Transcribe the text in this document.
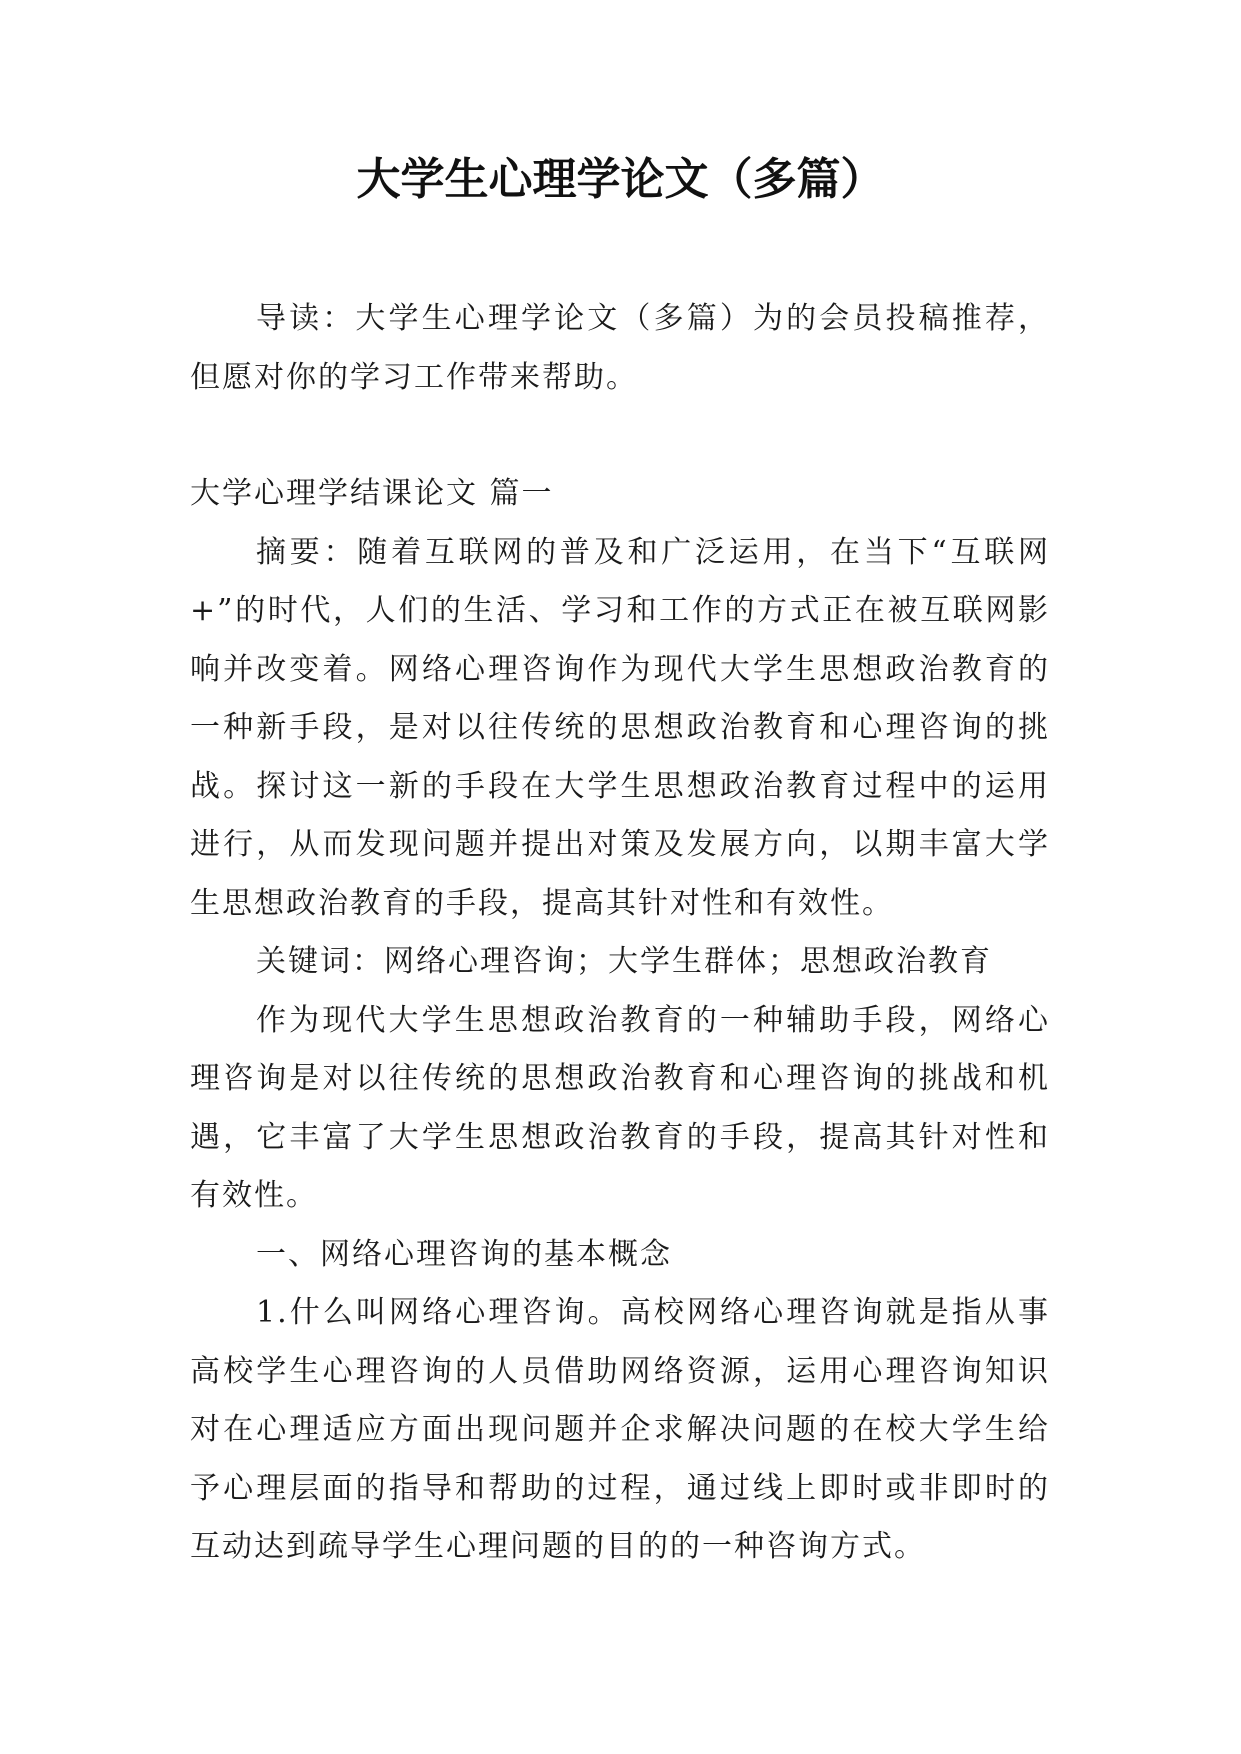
大学生心理学论文（多篇）

导读：大学生心理学论文（多篇）为的会员投稿推荐，但愿对你的学习工作带来帮助。

大学心理学结课论文 篇一

摘要：随着互联网的普及和广泛运用，在当下“互联网+”的时代，人们的生活、学习和工作的方式正在被互联网影响并改变着。网络心理咨询作为现代大学生思想政治教育的一种新手段，是对以往传统的思想政治教育和心理咨询的挑战。探讨这一新的手段在大学生思想政治教育过程中的运用进行，从而发现问题并提出对策及发展方向，以期丰富大学生思想政治教育的手段，提高其针对性和有效性。

关键词：网络心理咨询；大学生群体；思想政治教育

作为现代大学生思想政治教育的一种辅助手段，网络心理咨询是对以往传统的思想政治教育和心理咨询的挑战和机遇，它丰富了大学生思想政治教育的手段，提高其针对性和有效性。

一、网络心理咨询的基本概念

1.什么叫网络心理咨询。高校网络心理咨询就是指从事高校学生心理咨询的人员借助网络资源，运用心理咨询知识对在心理适应方面出现问题并企求解决问题的在校大学生给予心理层面的指导和帮助的过程，通过线上即时或非即时的互动达到疏导学生心理问题的目的的一种咨询方式。
